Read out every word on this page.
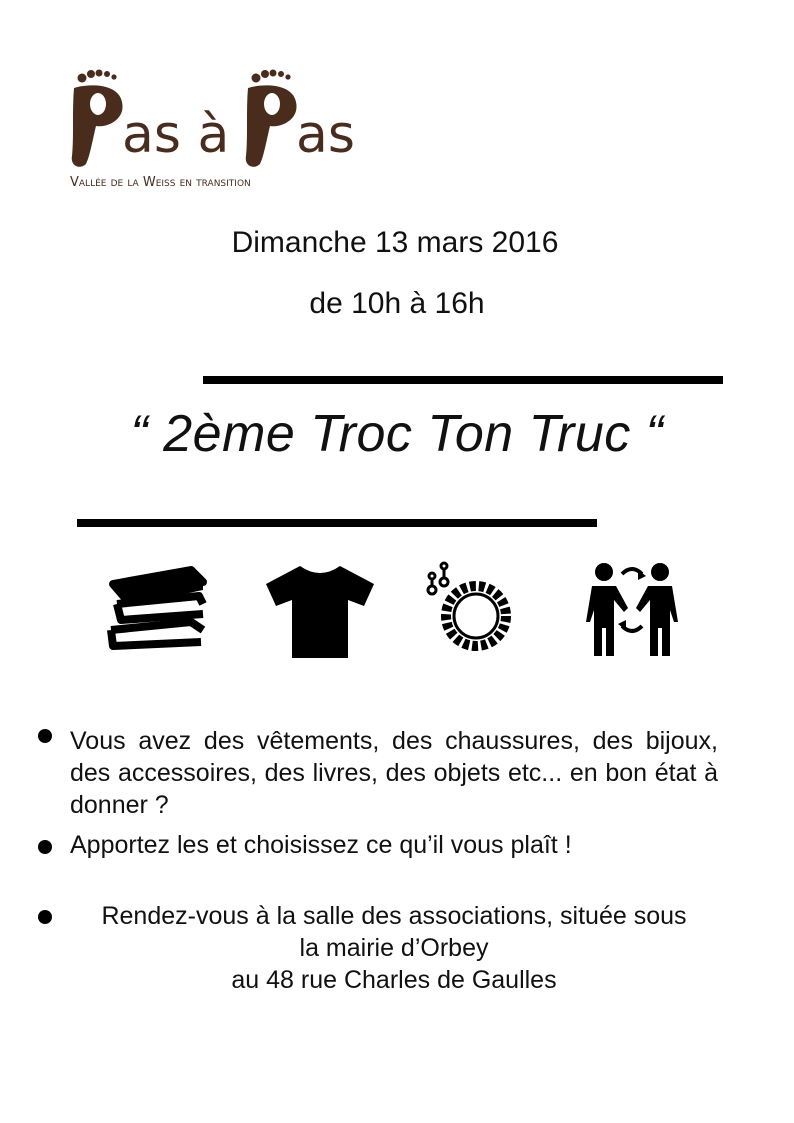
as à as
Vallée de la Weiss en transition
Dimanche 13 mars 2016
de 10h à 16h
“ 2ème Troc Ton Truc “
Vous avez des vêtements, des chaussures, des bijoux, des accessoires, des livres, des objets etc... en bon état à donner ?
Apportez les et choisissez ce qu’il vous plaît !
Rendez-vous à la salle des associations, située sous
la mairie d’Orbey
au 48 rue Charles de Gaulles
